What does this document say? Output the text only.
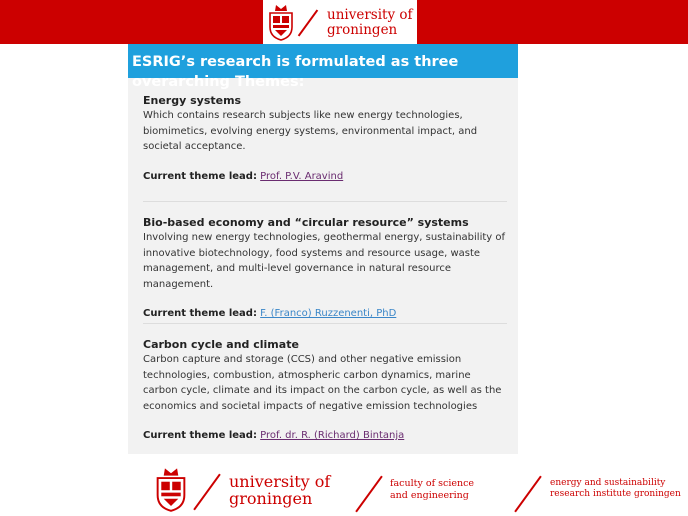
university of
groningen
ESRIG’s research is formulated as three overarching Themes:
Energy systems
Which contains research subjects like new energy technologies, biomimetics, evolving energy systems, environmental impact, and societal acceptance.
Current theme lead: Prof. P.V. Aravind
Bio-based economy and “circular resource” systems
Involving new energy technologies, geothermal energy, sustainability of innovative biotechnology, food systems and resource usage, waste management, and multi-level governance in natural resource management.
Current theme lead: F. (Franco) Ruzzenenti, PhD
Carbon cycle and climate
Carbon capture and storage (CCS) and other negative emission technologies, combustion, atmospheric carbon dynamics, marine carbon cycle, climate and its impact on the carbon cycle, as well as the economics and societal impacts of negative emission technologies
Current theme lead: Prof. dr. R. (Richard) Bintanja
university of
groningen
faculty of science
and engineering
energy and sustainability
research institute groningen
